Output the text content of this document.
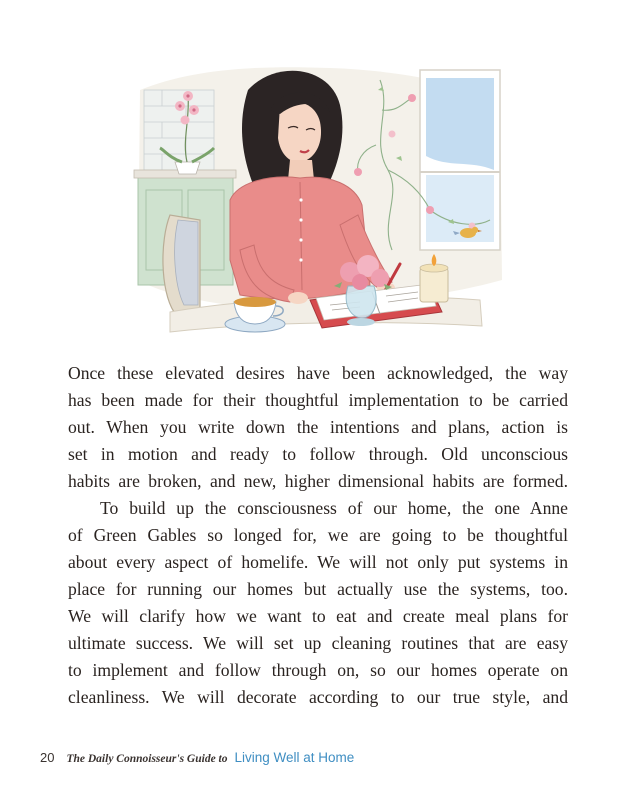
Once these elevated desires have been acknowledged, the way
has been made for their thoughtful implementation to be carried
out. When you write down the intentions and plans, action is
set in motion and ready to follow through. Old unconscious
habits are broken, and new, higher dimensional habits are formed.

To build up the consciousness of our home, the one Anne
of Green Gables so longed for, we are going to be thoughtful
about every aspect of homelife. We will not only put systems in
place for running our homes but actually use the systems, too.
We will clarify how we want to eat and create meal plans for
ultimate success. We will set up cleaning routines that are easy
to implement and follow through on, so our homes operate on
cleanliness. We will decorate according to our true style, and

20 The Daily Connoisseur's Guide to Living Well at Home
